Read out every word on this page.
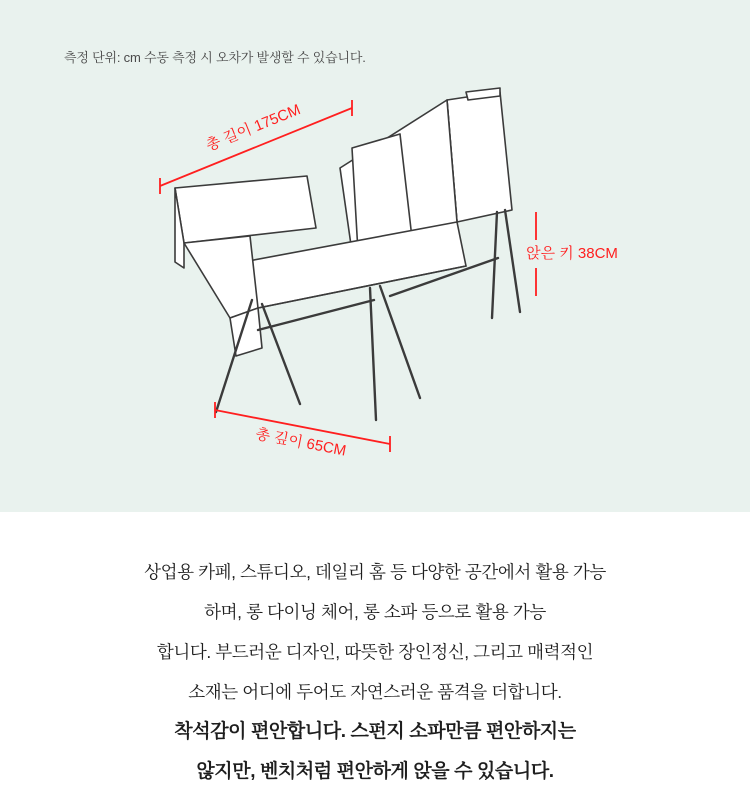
측정 단위: cm 수동 측정 시 오차가 발생할 수 있습니다.
총 길이 175CM
앉은 키 38CM
총 깊이 65CM
상업용 카페, 스튜디오, 데일리 홈 등 다양한 공간에서 활용 가능
하며, 롱 다이닝 체어, 롱 소파 등으로 활용 가능
합니다. 부드러운 디자인, 따뜻한 장인정신, 그리고 매력적인
소재는 어디에 두어도 자연스러운 품격을 더합니다.
착석감이 편안합니다. 스펀지 소파만큼 편안하지는
않지만, 벤치처럼 편안하게 앉을 수 있습니다.
